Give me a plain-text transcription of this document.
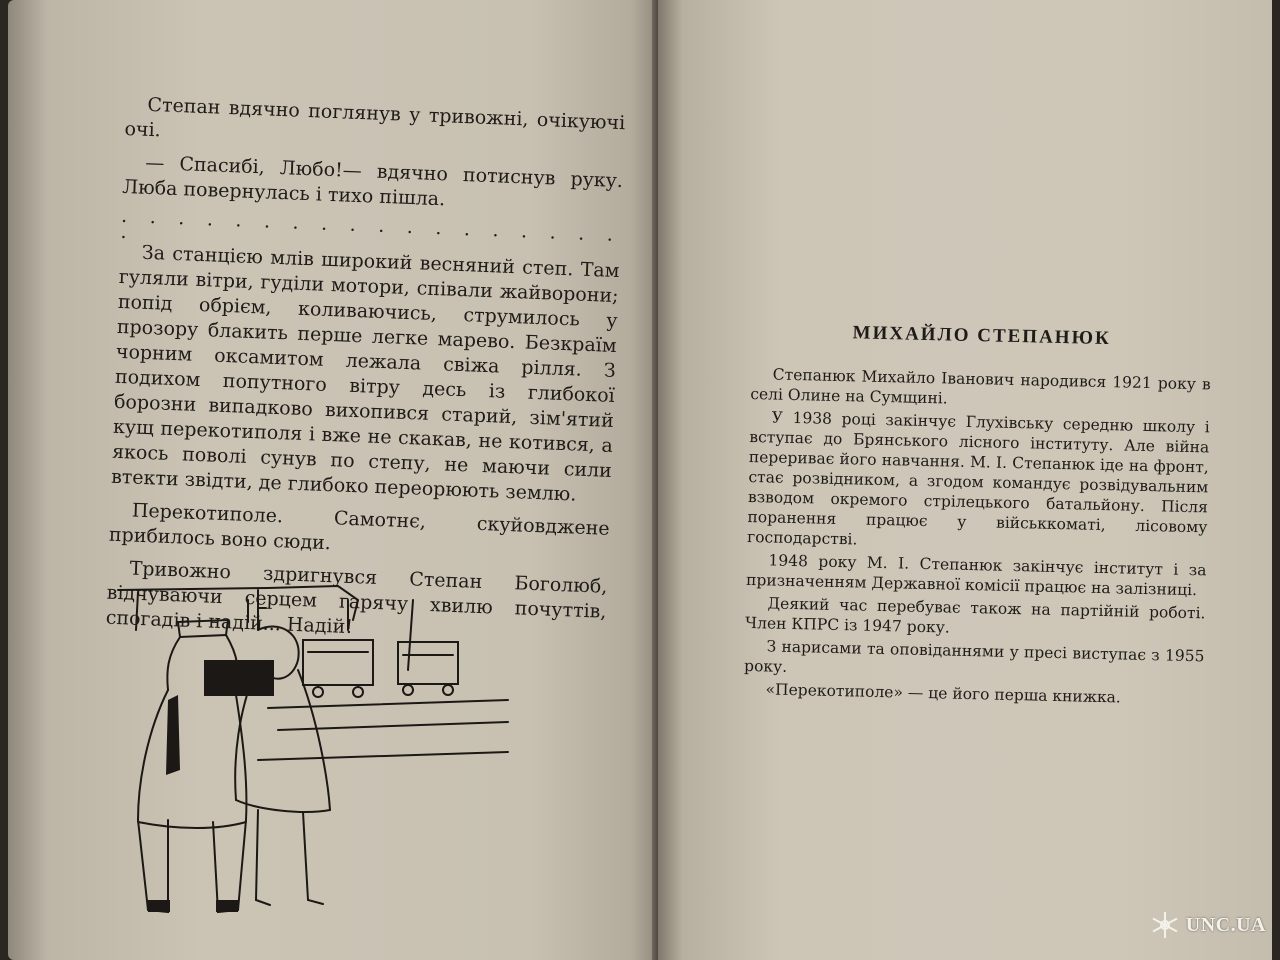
Степан вдячно поглянув у тривожні, очікуючі очі.

— Спасибі, Любо!— вдячно потиснув руку. Люба повернулась і тихо пішла.

. . . . . . . . . . . . . . . . . . .

За станцією млів широкий весняний степ. Там гуляли вітри, гуділи мотори, співали жайворони; попід обрієм, коливаючись, струмилось у прозору блакить перше легке марево. Безкраїм чорним оксамитом лежала свіжа рілля. З подихом попутного вітру десь із глибокої борозни випадково вихопився старий, зім'ятий кущ перекотиполя і вже не скакав, не котився, а якось поволі сунув по степу, не маючи сили втекти звідти, де глибоко переорюють землю.

Перекотиполе. Самотнє, скуйовджене прибилось воно сюди.

Тривожно здригнувся Степан Боголюб, відчуваючи серцем гарячу хвилю почуттів, спогадів і надій... Надій!

МИХАЙЛО СТЕПАНЮК

Степанюк Михайло Іванович народився 1921 року в селі Олине на Сумщині.

У 1938 році закінчує Глухівську середню школу і вступає до Брянського лісного інституту. Але війна перериває його навчання. М. І. Степанюк іде на фронт, стає розвідником, а згодом командує розвідувальним взводом окремого стрілецького батальйону. Після поранення працює у військкоматі, лісовому господарстві.

1948 року М. І. Степанюк закінчує інститут і за призначенням Державної комісії працює на залізниці.

Деякий час перебуває також на партійній роботі. Член КПРС із 1947 року.

З нарисами та оповіданнями у пресі виступає з 1955 року.

«Перекотиполе» — це його перша книжка.

UNC.UA
